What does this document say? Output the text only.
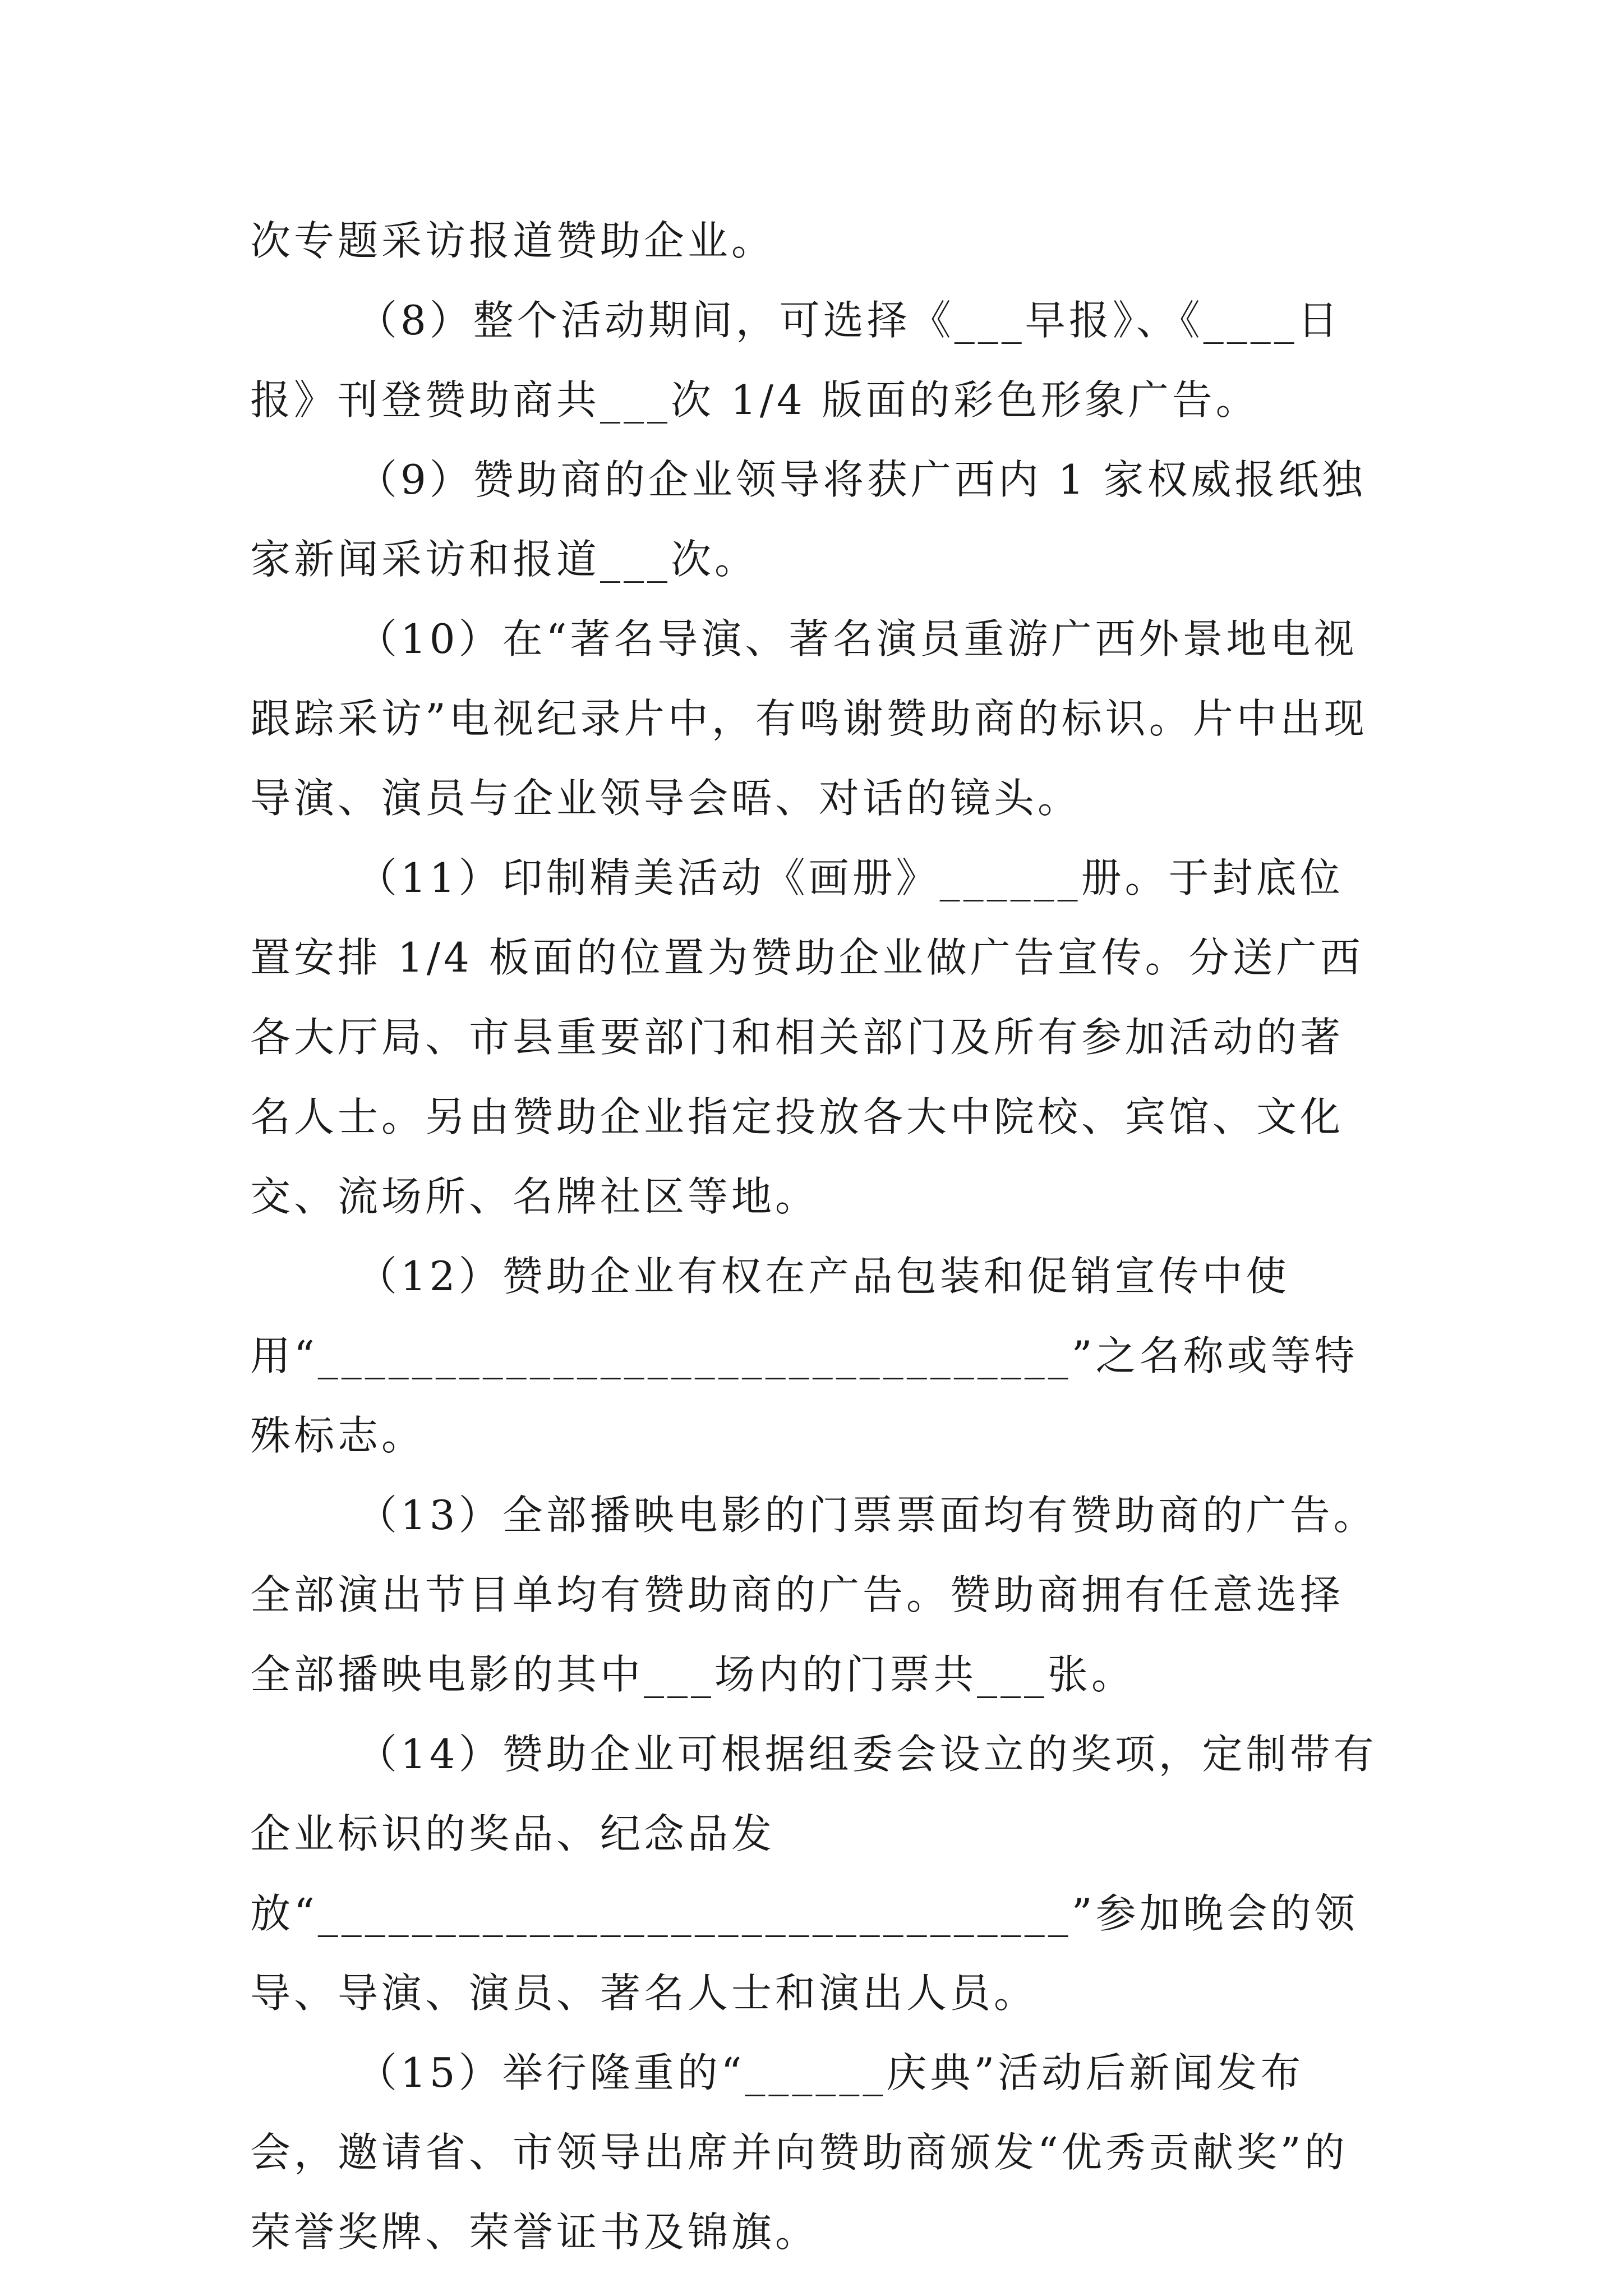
次专题采访报道赞助企业。

（8）整个活动期间，可选择《___早报》、《____日报》刊登赞助商共___次 1/4 版面的彩色形象广告。

（9）赞助商的企业领导将获广西内 1 家权威报纸独家新闻采访和报道___次。

（10）在“著名导演、著名演员重游广西外景地电视跟踪采访”电视纪录片中，有鸣谢赞助商的标识。片中出现导演、演员与企业领导会晤、对话的镜头。

（11）印制精美活动《画册》______册。于封底位置安排 1/4 板面的位置为赞助企业做广告宣传。分送广西各大厅局、市县重要部门和相关部门及所有参加活动的著名人士。另由赞助企业指定投放各大中院校、宾馆、文化交、流场所、名牌社区等地。

（12）赞助企业有权在产品包装和促销宣传中使用“________________________________”之名称或等特殊标志。

（13）全部播映电影的门票票面均有赞助商的广告。全部演出节目单均有赞助商的广告。赞助商拥有任意选择全部播映电影的其中___场内的门票共___张。

（14）赞助企业可根据组委会设立的奖项，定制带有企业标识的奖品、纪念品发放“________________________________”参加晚会的领导、导演、演员、著名人士和演出人员。

（15）举行隆重的“______庆典”活动后新闻发布会，邀请省、市领导出席并向赞助商颁发“优秀贡献奖”的荣誉奖牌、荣誉证书及锦旗。
